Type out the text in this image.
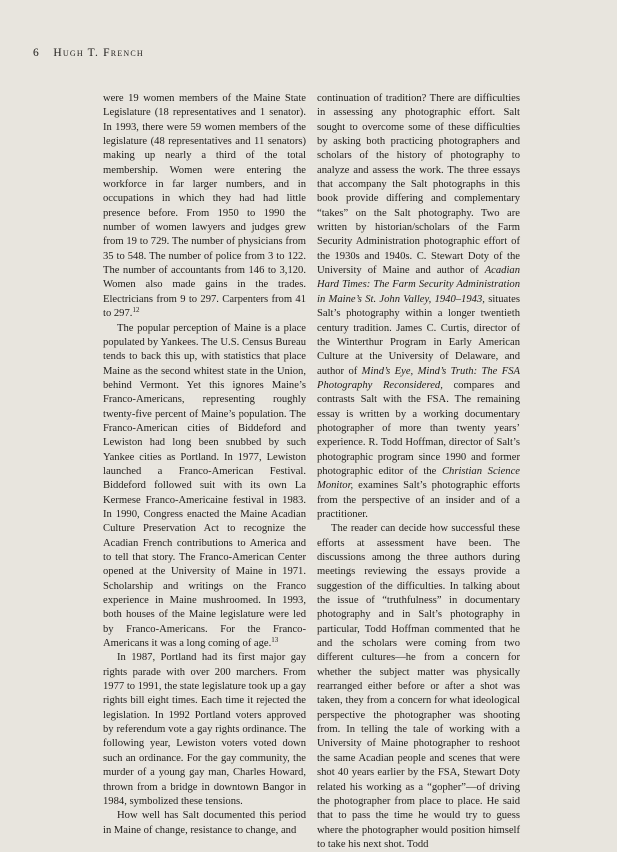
6 Hugh T. French

were 19 women members of the Maine State Legislature (18 representatives and 1 senator). In 1993, there were 59 women members of the legislature (48 representatives and 11 senators) making up nearly a third of the total membership. Women were entering the workforce in far larger numbers, and in occupations in which they had had little presence before. From 1950 to 1990 the number of women lawyers and judges grew from 19 to 729. The number of physicians from 35 to 548. The number of police from 3 to 122. The number of accountants from 146 to 3,120. Women also made gains in the trades. Electricians from 9 to 297. Carpenters from 41 to 297.12

The popular perception of Maine is a place populated by Yankees. The U.S. Census Bureau tends to back this up, with statistics that place Maine as the second whitest state in the Union, behind Vermont. Yet this ignores Maine’s Franco-Americans, representing roughly twenty-five percent of Maine’s population. The Franco-American cities of Biddeford and Lewiston had long been snubbed by such Yankee cities as Portland. In 1977, Lewiston launched a Franco-American Festival. Biddeford followed suit with its own La Kermese Franco-Americaine festival in 1983. In 1990, Congress enacted the Maine Acadian Culture Preservation Act to recognize the Acadian French contributions to America and to tell that story. The Franco-American Center opened at the University of Maine in 1971. Scholarship and writings on the Franco experience in Maine mushroomed. In 1993, both houses of the Maine legislature were led by Franco-Americans. For the Franco-Americans it was a long coming of age.$^{13}$

In 1987, Portland had its first major gay rights parade with over 200 marchers. From 1977 to 1991, the state legislature took up a gay rights bill eight times. Each time it rejected the legislation. In 1992 Portland voters approved by referendum vote a gay rights ordinance. The following year, Lewiston voters voted down such an ordinance. For the gay community, the murder of a young gay man, Charles Howard, thrown from a bridge in downtown Bangor in 1984, symbolized these tensions.

How well has Salt documented this period in Maine of change, resistance to change, and

continuation of tradition? There are difficulties in assessing any photographic effort. Salt sought to overcome some of these difficulties by asking both practicing photographers and scholars of the history of photography to analyze and assess the work. The three essays that accompany the Salt photographs in this book provide differing and complementary “takes” on the Salt photography. Two are written by historian/scholars of the Farm Security Administration photographic effort of the 1930s and 1940s. C. Stewart Doty of the University of Maine and author of Acadian Hard Times: The Farm Security Administration in Maine’s St. John Valley, 1940–1943, situates Salt’s photography within a longer twentieth century tradition. James C. Curtis, director of the Winterthur Program in Early American Culture at the University of Delaware, and author of Mind’s Eye, Mind’s Truth: The FSA Photography Reconsidered, compares and contrasts Salt with the FSA. The remaining essay is written by a working documentary photographer of more than twenty years’ experience. R. Todd Hoffman, director of Salt’s photographic program since 1990 and former photographic editor of the Christian Science Monitor, examines Salt’s photographic efforts from the perspective of an insider and of a practitioner.

The reader can decide how successful these efforts at assessment have been. The discussions among the three authors during meetings reviewing the essays provide a suggestion of the difficulties. In talking about the issue of “truthfulness” in documentary photography and in Salt’s photography in particular, Todd Hoffman commented that he and the scholars were coming from two different cultures—he from a concern for whether the subject matter was physically rearranged either before or after a shot was taken, they from a concern for what ideological perspective the photographer was shooting from. In telling the tale of working with a University of Maine photographer to reshoot the same Acadian people and scenes that were shot 40 years earlier by the FSA, Stewart Doty related his working as a “gopher”—of driving the photographer from place to place. He said that to pass the time he would try to guess where the photographer would position himself to take his next shot. Todd
